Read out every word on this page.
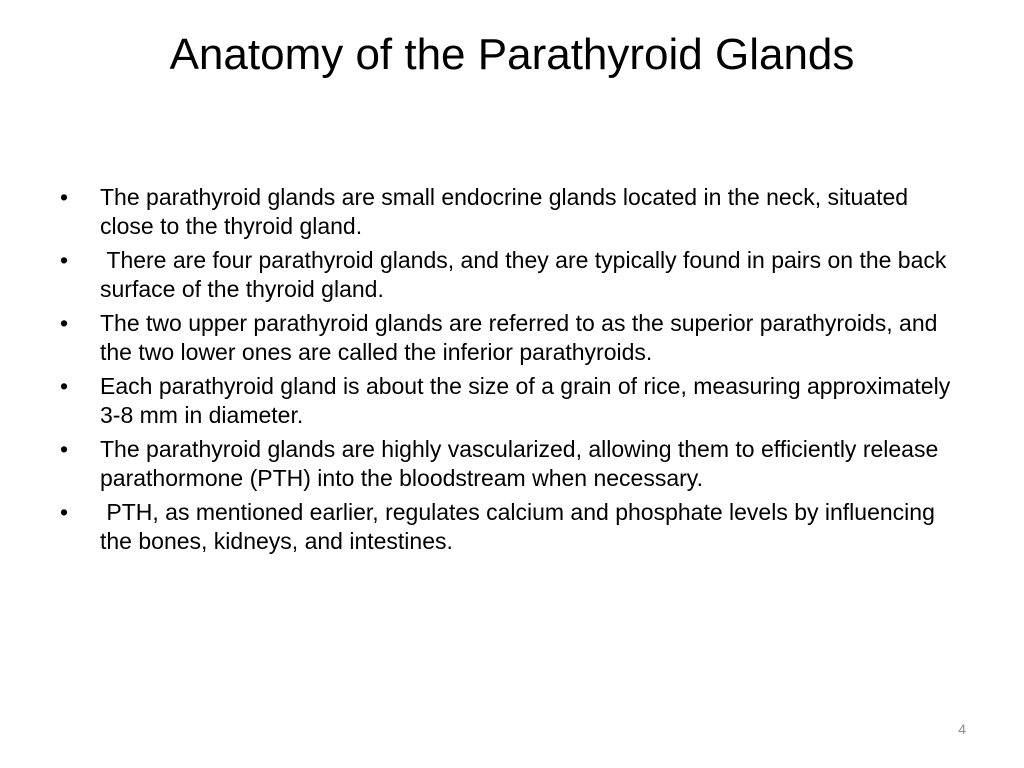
Anatomy of the Parathyroid Glands
•	The parathyroid glands are small endocrine glands located in the neck, situated close to the thyroid gland.
•	There are four parathyroid glands, and they are typically found in pairs on the back surface of the thyroid gland.
•	The two upper parathyroid glands are referred to as the superior parathyroids, and the two lower ones are called the inferior parathyroids.
•	Each parathyroid gland is about the size of a grain of rice, measuring approximately 3-8 mm in diameter.
•	The parathyroid glands are highly vascularized, allowing them to efficiently release parathormone (PTH) into the bloodstream when necessary.
•	PTH, as mentioned earlier, regulates calcium and phosphate levels by influencing the bones, kidneys, and intestines.
4
